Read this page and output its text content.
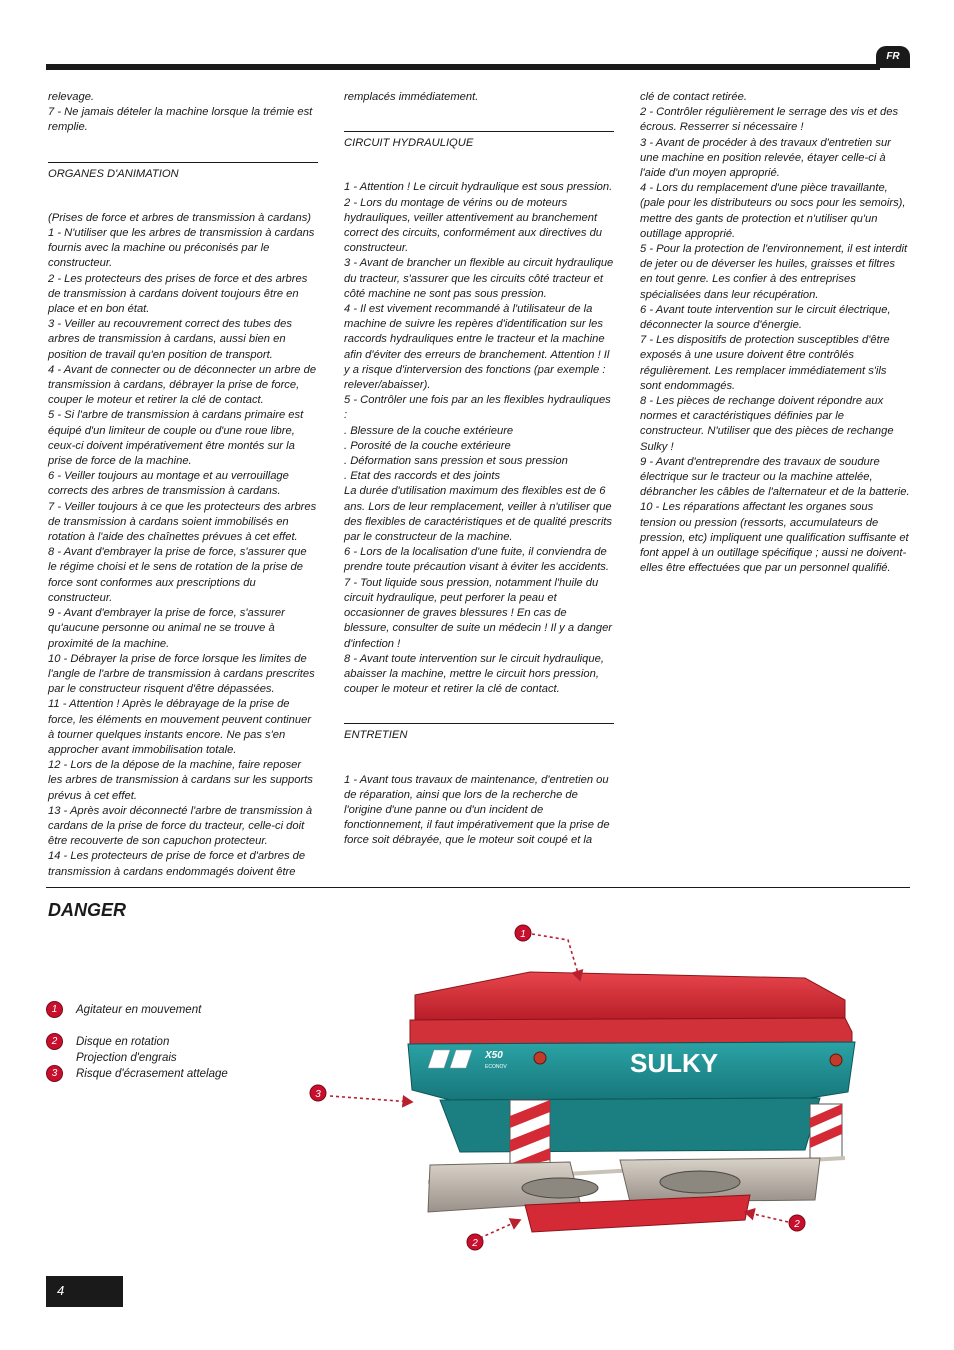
FR

relevage.

7 - Ne jamais dételer la machine lorsque la trémie est remplie.

ORGANES D'ANIMATION

(Prises de force et arbres de transmission à cardans)

1 - N'utiliser que les arbres de transmission à cardans fournis avec la machine ou préconisés par le constructeur.

2 - Les protecteurs des prises de force et des arbres de transmission à cardans doivent toujours être en place et en bon état.

3 - Veiller au recouvrement correct des tubes des arbres de transmission à cardans, aussi bien en position de travail qu'en position de transport.

4 - Avant de connecter ou de déconnecter un arbre de transmission à cardans, débrayer la prise de force, couper le moteur et retirer la clé de contact.

5 - Si l'arbre de transmission à cardans primaire est équipé d'un limiteur de couple ou d'une roue libre, ceux-ci doivent impérativement être montés sur la prise de force de la machine.

6 - Veiller toujours au montage et au verrouillage corrects des arbres de transmission à cardans.

7 - Veiller toujours à ce que les protecteurs des arbres de transmission à cardans soient immobilisés en rotation à l'aide des chaînettes prévues à cet effet.

8 - Avant d'embrayer la prise de force, s'assurer que le régime choisi et le sens de rotation de la prise de force sont conformes aux prescriptions du constructeur.

9 - Avant d'embrayer la prise de force, s'assurer qu'aucune personne ou animal ne se trouve à proximité de la machine.

10 - Débrayer la prise de force lorsque les limites de l'angle de l'arbre de transmission à cardans prescrites par le constructeur risquent d'être dépassées.

11 - Attention ! Après le débrayage de la prise de force, les éléments en mouvement peuvent continuer à tourner quelques instants encore. Ne pas s'en approcher avant immobilisation totale.

12 - Lors de la dépose de la machine, faire reposer les arbres de transmission à cardans sur les supports prévus à cet effet.

13 - Après avoir déconnecté l'arbre de transmission à cardans de la prise de force du tracteur, celle-ci doit être recouverte de son capuchon protecteur.

14 - Les protecteurs de prise de force et d'arbres de transmission à cardans endommagés doivent être

remplacés immédiatement.

CIRCUIT HYDRAULIQUE

1 - Attention ! Le circuit hydraulique est sous pression.

2 - Lors du montage de vérins ou de moteurs hydrauliques, veiller attentivement au branchement correct des circuits, conformément aux directives du constructeur.

3 - Avant de brancher un flexible au circuit hydraulique du tracteur, s'assurer que les circuits côté tracteur et côté machine ne sont pas sous pression.

4 - Il est vivement recommandé à l'utilisateur de la machine de suivre les repères d'identification sur les raccords hydrauliques entre le tracteur et la machine afin d'éviter des erreurs de branchement. Attention ! Il y a risque d'interversion des fonctions (par exemple : relever/abaisser).

5 - Contrôler une fois par an les flexibles hydrauliques :

. Blessure de la couche extérieure

. Porosité de la couche extérieure

. Déformation sans pression et sous pression

. Etat des raccords et des joints

La durée d'utilisation maximum des flexibles est de 6 ans. Lors de leur remplacement, veiller à n'utiliser que des flexibles de caractéristiques et de qualité prescrits par le constructeur de la machine.

6 - Lors de la localisation d'une fuite, il conviendra de prendre toute précaution visant à éviter les accidents.

7 - Tout liquide sous pression, notamment l'huile du circuit hydraulique, peut perforer la peau et occasionner de graves blessures ! En cas de blessure, consulter de suite un médecin ! Il y a danger d'infection !

8 - Avant toute intervention sur le circuit hydraulique, abaisser la machine, mettre le circuit hors pression, couper le moteur et retirer la clé de contact.

ENTRETIEN

1 - Avant tous travaux de maintenance, d'entretien ou de réparation, ainsi que lors de la recherche de l'origine d'une panne ou d'un incident de fonctionnement, il faut impérativement que la prise de force soit débrayée, que le moteur soit coupé et la

clé de contact retirée.

2 - Contrôler régulièrement le serrage des vis et des écrous. Resserrer si nécessaire !

3 - Avant de procéder à des travaux d'entretien sur une machine en position relevée, étayer celle-ci à l'aide d'un moyen approprié.

4 - Lors du remplacement d'une pièce travaillante, (pale pour les distributeurs ou socs pour les semoirs), mettre des gants de protection et n'utiliser qu'un outillage approprié.

5 - Pour la protection de l'environnement, il est interdit de jeter ou de déverser les huiles, graisses et filtres en tout genre. Les confier à des entreprises spécialisées dans leur récupération.

6 - Avant toute intervention sur le circuit électrique, déconnecter la source d'énergie.

7 - Les dispositifs de protection susceptibles d'être exposés à une usure doivent être contrôlés régulièrement. Les remplacer immédiatement s'ils sont endommagés.

8 - Les pièces de rechange doivent répondre aux normes et caractéristiques définies par le constructeur. N'utiliser que des pièces de rechange Sulky !

9 - Avant d'entreprendre des travaux de soudure électrique sur le tracteur ou la machine attelée, débrancher les câbles de l'alternateur et de la batterie.

10 - Les réparations affectant les organes sous tension ou pression (ressorts, accumulateurs de pression, etc) impliquent une qualification suffisante et font appel à un outillage spécifique ; aussi ne doivent-elles être effectuées que par un personnel qualifié.

DANGER
1	Agitateur en mouvement
2	Disque en rotation
Projection d'engrais
3	Risque d'écrasement attelage	SULKY
X50
ECONOV
1
3
2
2
4
